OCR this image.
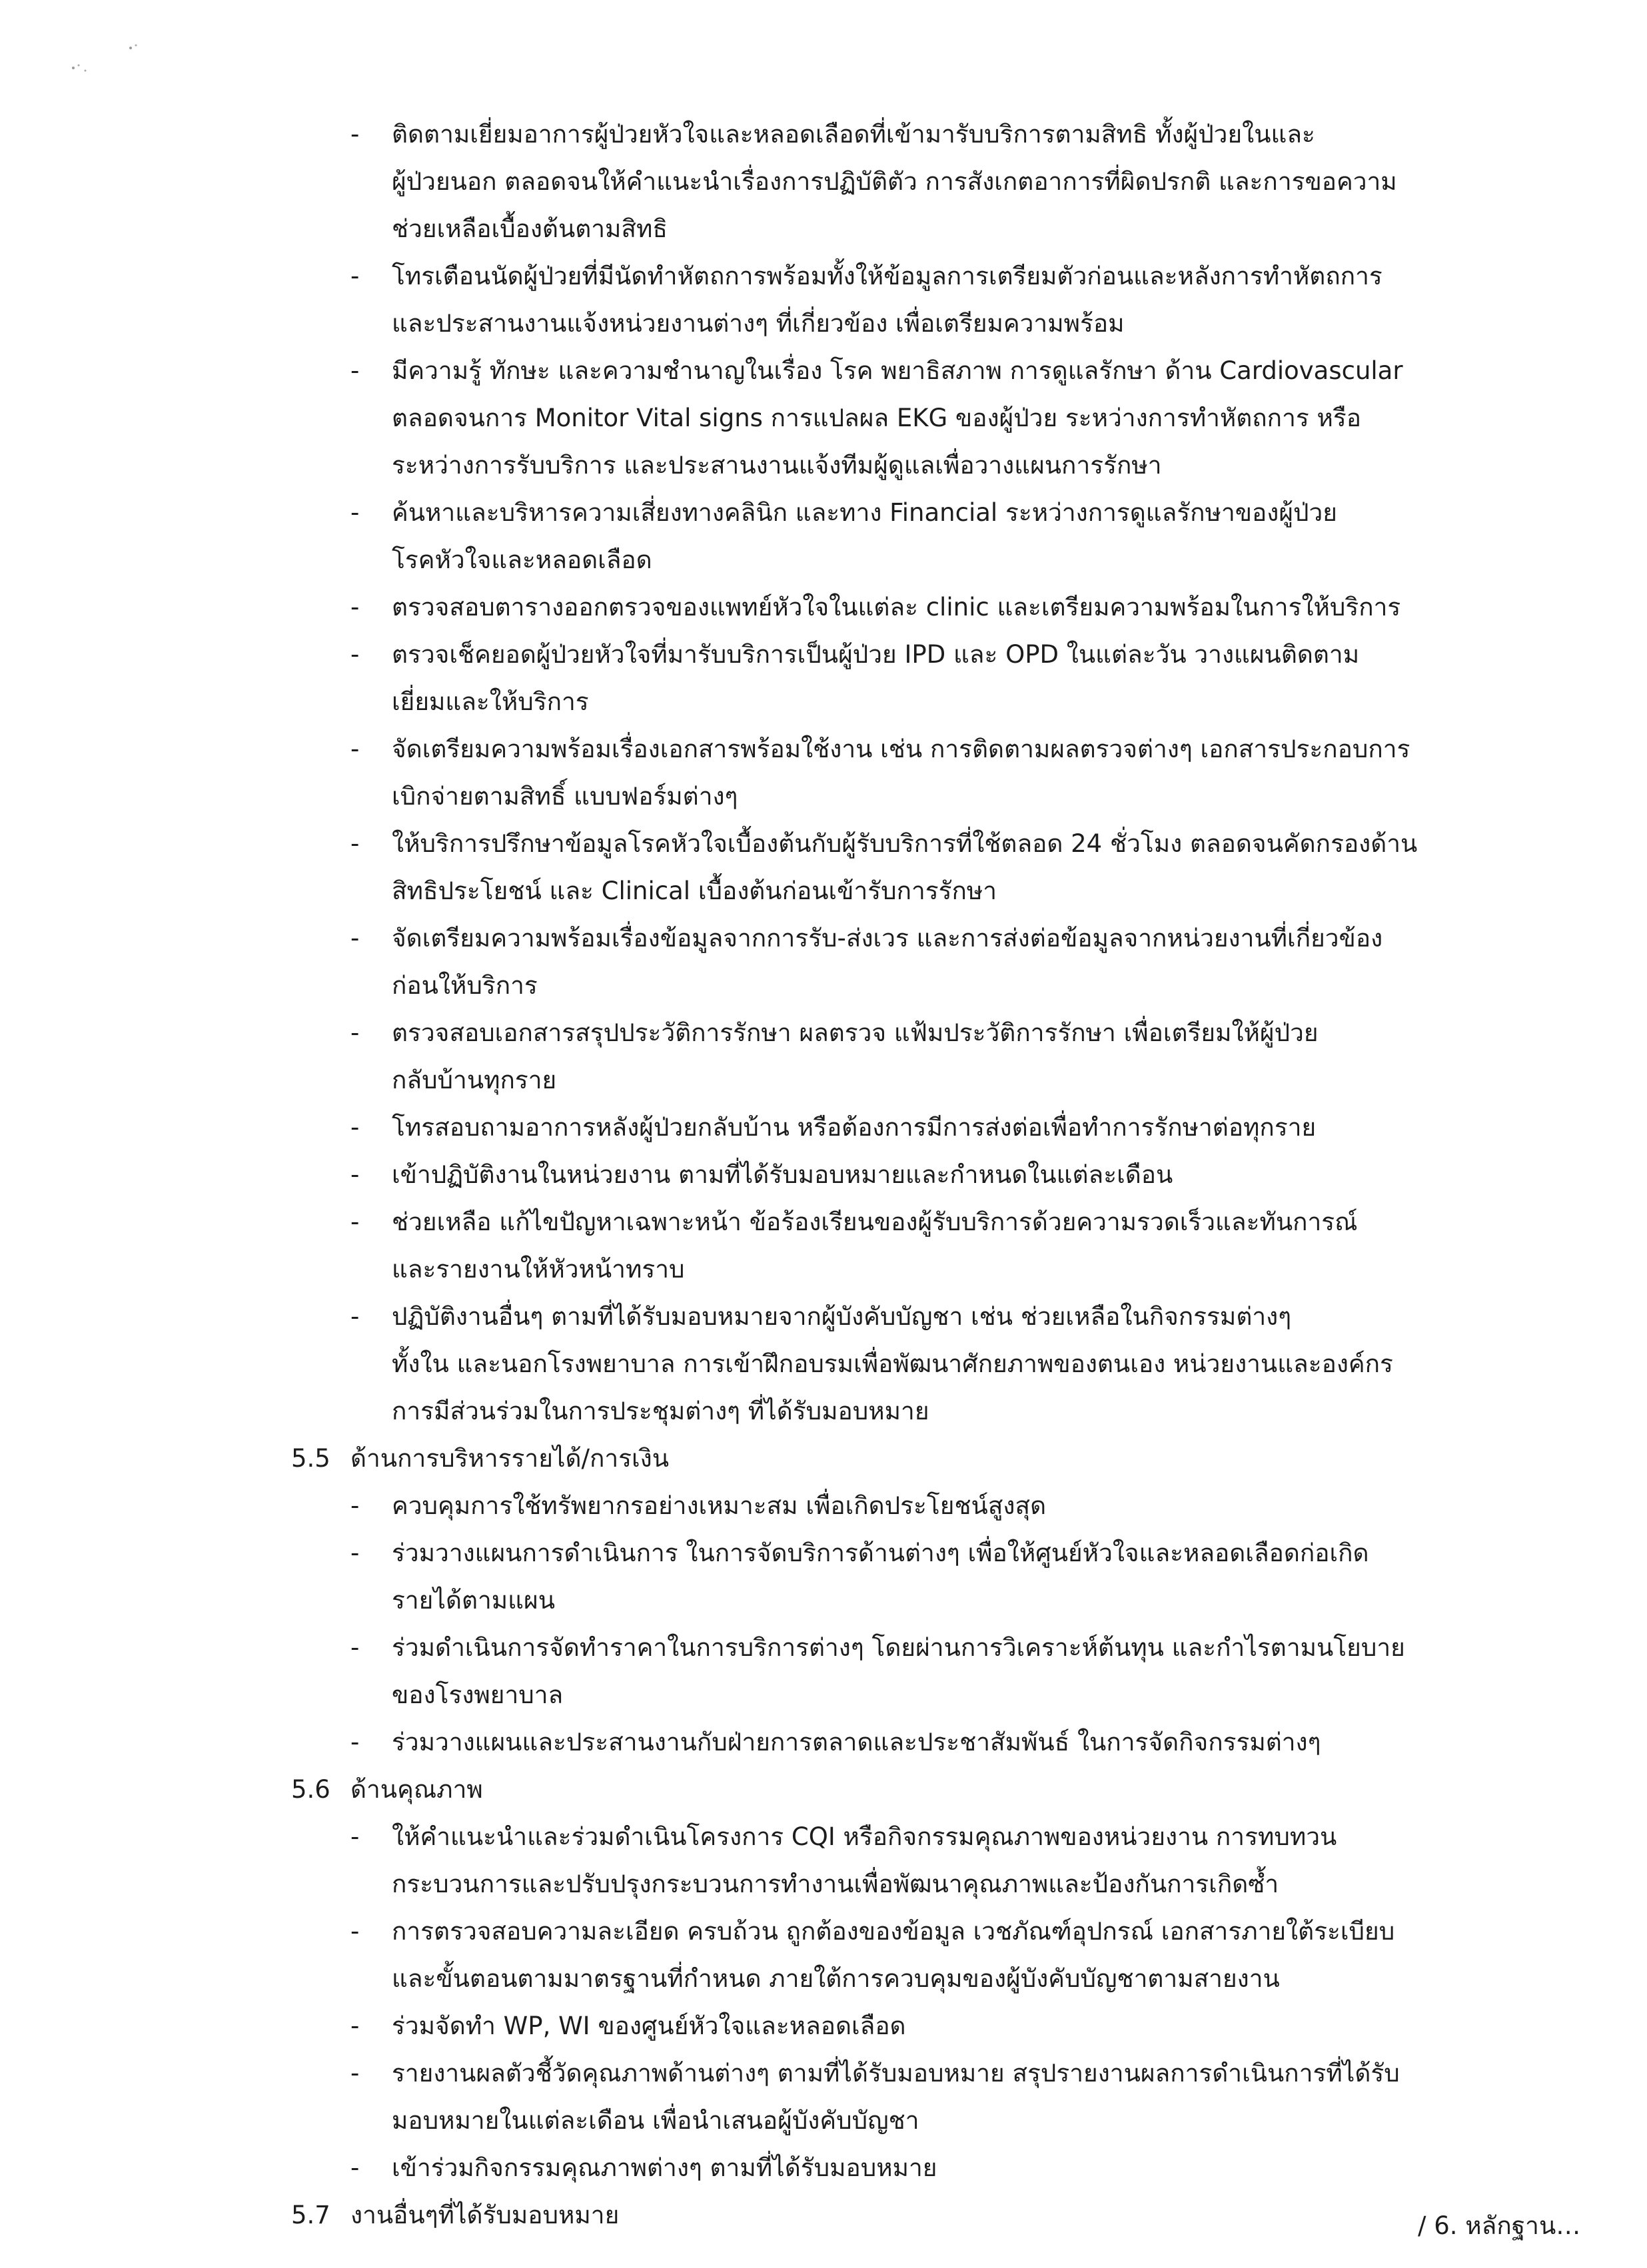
- ติดตามเยี่ยมอาการผู้ป่วยหัวใจและหลอดเลือดที่เข้ามารับบริการตามสิทธิ ทั้งผู้ป่วยในและ
ผู้ป่วยนอก ตลอดจนให้คำแนะนำเรื่องการปฏิบัติตัว การสังเกตอาการที่ผิดปรกติ และการขอความ
ช่วยเหลือเบื้องต้นตามสิทธิ
- โทรเตือนนัดผู้ป่วยที่มีนัดทำหัตถการพร้อมทั้งให้ข้อมูลการเตรียมตัวก่อนและหลังการทำหัตถการ
และประสานงานแจ้งหน่วยงานต่างๆ ที่เกี่ยวข้อง เพื่อเตรียมความพร้อม
- มีความรู้ ทักษะ และความชำนาญในเรื่อง โรค พยาธิสภาพ การดูแลรักษา ด้าน Cardiovascular
ตลอดจนการ Monitor Vital signs การแปลผล EKG ของผู้ป่วย ระหว่างการทำหัตถการ หรือ
ระหว่างการรับบริการ และประสานงานแจ้งทีมผู้ดูแลเพื่อวางแผนการรักษา
- ค้นหาและบริหารความเสี่ยงทางคลินิก และทาง Financial ระหว่างการดูแลรักษาของผู้ป่วย
โรคหัวใจและหลอดเลือด
- ตรวจสอบตารางออกตรวจของแพทย์หัวใจในแต่ละ clinic และเตรียมความพร้อมในการให้บริการ
- ตรวจเช็คยอดผู้ป่วยหัวใจที่มารับบริการเป็นผู้ป่วย IPD และ OPD ในแต่ละวัน วางแผนติดตาม
เยี่ยมและให้บริการ
- จัดเตรียมความพร้อมเรื่องเอกสารพร้อมใช้งาน เช่น การติดตามผลตรวจต่างๆ เอกสารประกอบการ
เบิกจ่ายตามสิทธิ์ แบบฟอร์มต่างๆ
- ให้บริการปรึกษาข้อมูลโรคหัวใจเบื้องต้นกับผู้รับบริการที่ใช้ตลอด 24 ชั่วโมง ตลอดจนคัดกรองด้าน
สิทธิประโยชน์ และ Clinical เบื้องต้นก่อนเข้ารับการรักษา
- จัดเตรียมความพร้อมเรื่องข้อมูลจากการรับ-ส่งเวร และการส่งต่อข้อมูลจากหน่วยงานที่เกี่ยวข้อง
ก่อนให้บริการ
- ตรวจสอบเอกสารสรุปประวัติการรักษา ผลตรวจ แฟ้มประวัติการรักษา เพื่อเตรียมให้ผู้ป่วย
กลับบ้านทุกราย
- โทรสอบถามอาการหลังผู้ป่วยกลับบ้าน หรือต้องการมีการส่งต่อเพื่อทำการรักษาต่อทุกราย
- เข้าปฏิบัติงานในหน่วยงาน ตามที่ได้รับมอบหมายและกำหนดในแต่ละเดือน
- ช่วยเหลือ แก้ไขปัญหาเฉพาะหน้า ข้อร้องเรียนของผู้รับบริการด้วยความรวดเร็วและทันการณ์
และรายงานให้หัวหน้าทราบ
- ปฏิบัติงานอื่นๆ ตามที่ได้รับมอบหมายจากผู้บังคับบัญชา เช่น ช่วยเหลือในกิจกรรมต่างๆ
ทั้งใน และนอกโรงพยาบาล การเข้าฝึกอบรมเพื่อพัฒนาศักยภาพของตนเอง หน่วยงานและองค์กร
การมีส่วนร่วมในการประชุมต่างๆ ที่ได้รับมอบหมาย
5.5 ด้านการบริหารรายได้/การเงิน
- ควบคุมการใช้ทรัพยากรอย่างเหมาะสม เพื่อเกิดประโยชน์สูงสุด
- ร่วมวางแผนการดำเนินการ ในการจัดบริการด้านต่างๆ เพื่อให้ศูนย์หัวใจและหลอดเลือดก่อเกิด
รายได้ตามแผน
- ร่วมดำเนินการจัดทำราคาในการบริการต่างๆ โดยผ่านการวิเคราะห์ต้นทุน และกำไรตามนโยบาย
ของโรงพยาบาล
- ร่วมวางแผนและประสานงานกับฝ่ายการตลาดและประชาสัมพันธ์ ในการจัดกิจกรรมต่างๆ
5.6 ด้านคุณภาพ
- ให้คำแนะนำและร่วมดำเนินโครงการ CQI หรือกิจกรรมคุณภาพของหน่วยงาน การทบทวน
กระบวนการและปรับปรุงกระบวนการทำงานเพื่อพัฒนาคุณภาพและป้องกันการเกิดซ้ำ
- การตรวจสอบความละเอียด ครบถ้วน ถูกต้องของข้อมูล เวชภัณฑ์อุปกรณ์ เอกสารภายใต้ระเบียบ
และขั้นตอนตามมาตรฐานที่กำหนด ภายใต้การควบคุมของผู้บังคับบัญชาตามสายงาน
- ร่วมจัดทำ WP, WI ของศูนย์หัวใจและหลอดเลือด
- รายงานผลตัวชี้วัดคุณภาพด้านต่างๆ ตามที่ได้รับมอบหมาย สรุปรายงานผลการดำเนินการที่ได้รับ
มอบหมายในแต่ละเดือน เพื่อนำเสนอผู้บังคับบัญชา
- เข้าร่วมกิจกรรมคุณภาพต่างๆ ตามที่ได้รับมอบหมาย
5.7 งานอื่นๆที่ได้รับมอบหมาย	/ 6. หลักฐาน…
